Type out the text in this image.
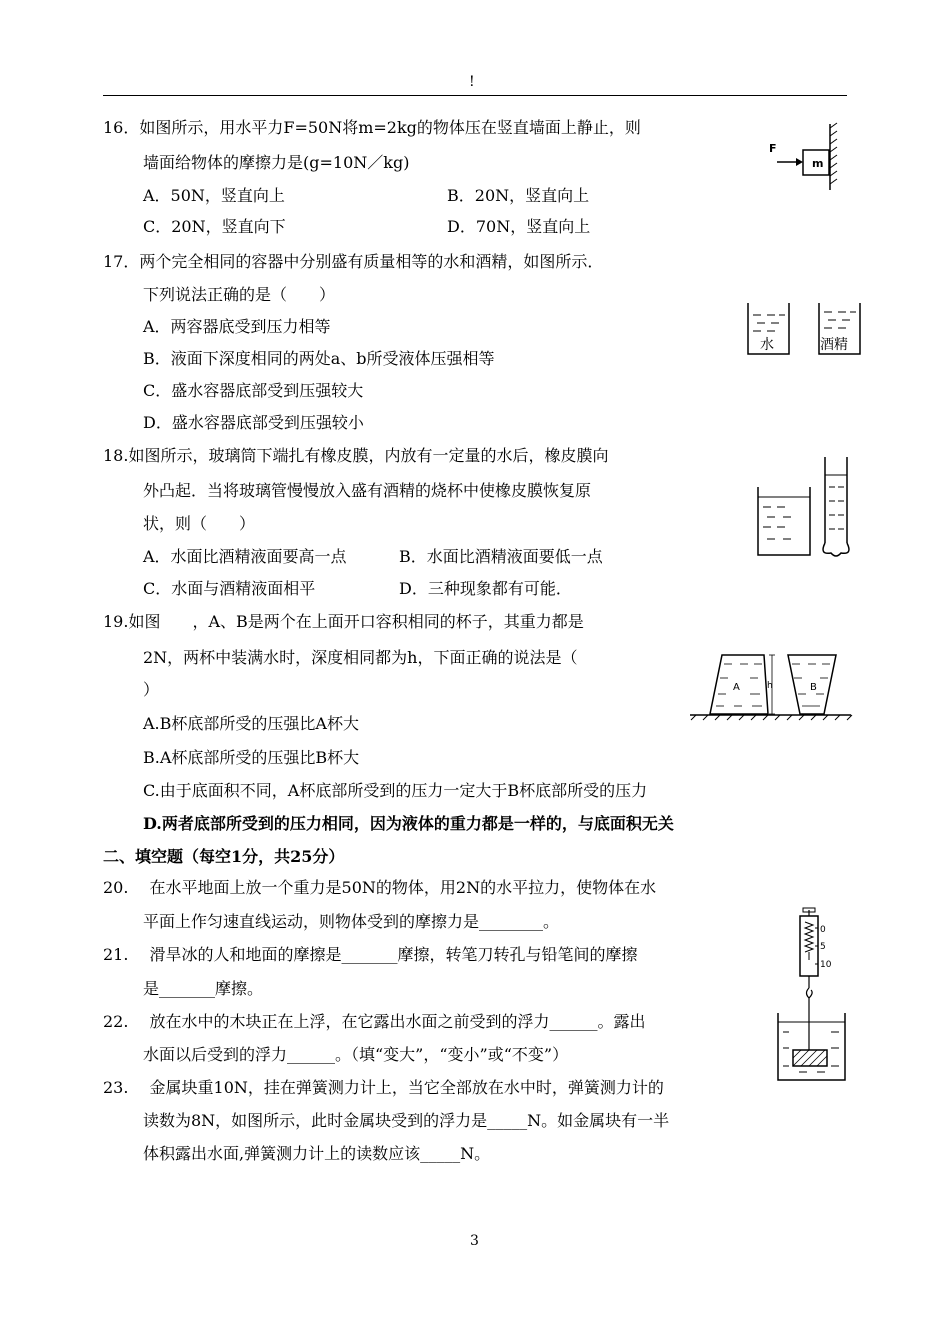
!
16．如图所示，用水平力F=50N将m=2kg的物体压在竖直墙面上静止，则
墙面给物体的摩擦力是(g=10N／kg)
A．50N，竖直向上	B．20N，竖直向上
C．20N，竖直向下	D．70N，竖直向上
F
m
17．两个完全相同的容器中分别盛有质量相等的水和酒精，如图所示．
下列说法正确的是（　　）
A．两容器底受到压力相等
B．液面下深度相同的两处a、b所受液体压强相等
C．盛水容器底部受到压强较大
D．盛水容器底部受到压强较小
水	酒精
18.如图所示，玻璃筒下端扎有橡皮膜，内放有一定量的水后，橡皮膜向
外凸起．当将玻璃管慢慢放入盛有酒精的烧杯中使橡皮膜恢复原
状，则（　　）
A．水面比酒精液面要高一点	B．水面比酒精液面要低一点
C．水面与酒精液面相平	D．三种现象都有可能．
19.如图　　，A、B是两个在上面开口容积相同的杯子，其重力都是
2N，两杯中装满水时，深度相同都为h，下面正确的说法是（
）
A.B杯底部所受的压强比A杯大
B.A杯底部所受的压强比B杯大
C.由于底面积不同，A杯底部所受到的压力一定大于B杯底部所受的压力
D.两者底部所受到的压力相同，因为液体的重力都是一样的，与底面积无关
h
A	B
二、填空题（每空1分，共25分）
20.　 在水平地面上放一个重力是50N的物体，用2N的水平拉力，使物体在水
平面上作匀速直线运动，则物体受到的摩擦力是________。
21.　 滑旱冰的人和地面的摩擦是_______摩擦，转笔刀转孔与铅笔间的摩擦
是_______摩擦。
22.　 放在水中的木块正在上浮，在它露出水面之前受到的浮力______。露出
水面以后受到的浮力______。（填“变大”，“变小”或“不变”）
23.　 金属块重10N，挂在弹簧测力计上，当它全部放在水中时，弹簧测力计的
读数为8N，如图所示，此时金属块受到的浮力是_____N。如金属块有一半
体积露出水面,弹簧测力计上的读数应该_____N。
0
5
10
3
